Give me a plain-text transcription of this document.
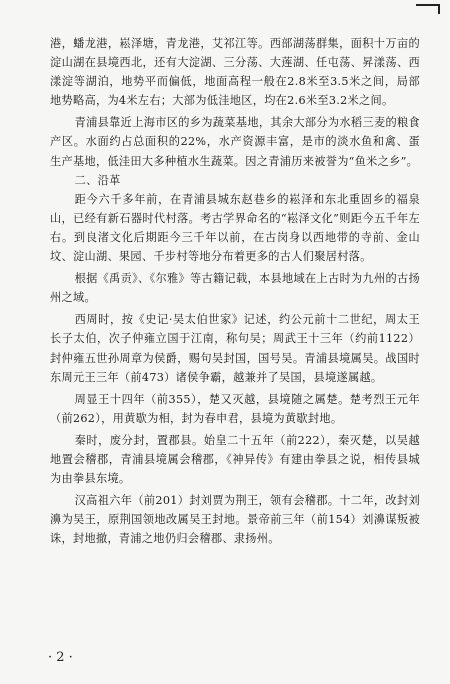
港，蟠龙港，崧泽塘，青龙港，艾祁江等。西部湖荡群集，面积十万亩的淀山湖在县境西北，还有大淀湖、三分荡、大莲湖、任屯荡、昇漾荡、西漾淀等湖泊，地势平而偏低，地面高程一般在2.8米至3.5米之间，局部地势略高，为4米左右；大部为低洼地区，均在2.6米至3.2米之间。

青浦县靠近上海市区的乡为蔬菜基地，其余大部分为水稻三麦的粮食产区。水面约占总面积的22%，水产资源丰富，是市的淡水鱼和禽、蛋生产基地，低洼田大多种植水生蔬菜。因之青浦历来被誉为“鱼米之乡”。

二、沿革

距今六千多年前，在青浦县城东赵巷乡的崧泽和东北重固乡的福泉山，已经有新石器时代村落。考古学界命名的“崧泽文化”则距今五千年左右。到良渚文化后期距今三千年以前，在古岗身以西地带的寺前、金山坟、淀山湖、果园、千步村等地分布着更多的古人们聚居村落。

根据《禹贡》、《尔雅》等古籍记载，本县地域在上古时为九州的古扬州之域。

西周时，按《史记·吴太伯世家》记述，约公元前十二世纪，周太王长子太伯，次子仲雍立国于江南，称句吴；周武王十三年（约前1122）封仲雍五世孙周章为侯爵，赐句吴封国，国号吴。青浦县境属吴。战国时东周元王三年（前473）诸侯争霸，越兼并了吴国，县境遂属越。

周显王十四年（前355），楚又灭越，县境随之属楚。楚考烈王元年（前262），用黄歇为相，封为春申君，县境为黄歇封地。

秦时，废分封，置郡县。始皇二十五年（前222），秦灭楚，以吴越地置会稽郡，青浦县境属会稽郡，《神异传》有建由拳县之说，相传县城为由拳县东境。

汉高祖六年（前201）封刘贾为荆王，领有会稽郡。十二年，改封刘濞为吴王，原荆国领地改属吴王封地。景帝前三年（前154）刘濞谋叛被诛，封地撤，青浦之地仍归会稽郡、隶扬州。

· 2 ·
